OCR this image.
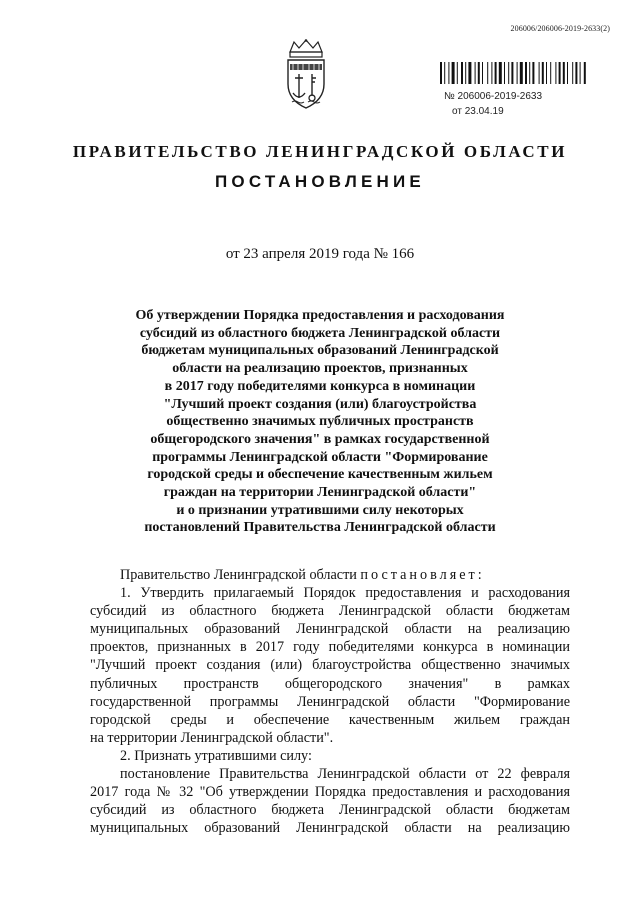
206006/206006-2019-2633(2)
№ 206006-2019-2633
от 23.04.19
ПРАВИТЕЛЬСТВО ЛЕНИНГРАДСКОЙ ОБЛАСТИ
ПОСТАНОВЛЕНИЕ
от 23 апреля 2019 года № 166
Об утверждении Порядка предоставления и расходования
субсидий из областного бюджета Ленинградской области
бюджетам муниципальных образований Ленинградской
области на реализацию проектов, признанных
в 2017 году победителями конкурса в номинации
"Лучший проект создания (или) благоустройства
общественно значимых публичных пространств
общегородского значения" в рамках государственной
программы Ленинградской области "Формирование
городской среды и обеспечение качественным жильем
граждан на территории Ленинградской области"
и о признании утратившими силу некоторых
постановлений Правительства Ленинградской области
Правительство Ленинградской области постановляет:
1. Утвердить прилагаемый Порядок предоставления и расходования
субсидий из областного бюджета Ленинградской области бюджетам
муниципальных образований Ленинградской области на реализацию
проектов, признанных в 2017 году победителями конкурса в номинации
"Лучший проект создания (или) благоустройства общественно значимых
публичных пространств общегородского значения" в рамках
государственной программы Ленинградской области "Формирование
городской среды и обеспечение качественным жильем граждан
на территории Ленинградской области".
2. Признать утратившими силу:
постановление Правительства Ленинградской области от 22 февраля
2017 года № 32 "Об утверждении Порядка предоставления и расходования
субсидий из областного бюджета Ленинградской области бюджетам
муниципальных образований Ленинградской области на реализацию
